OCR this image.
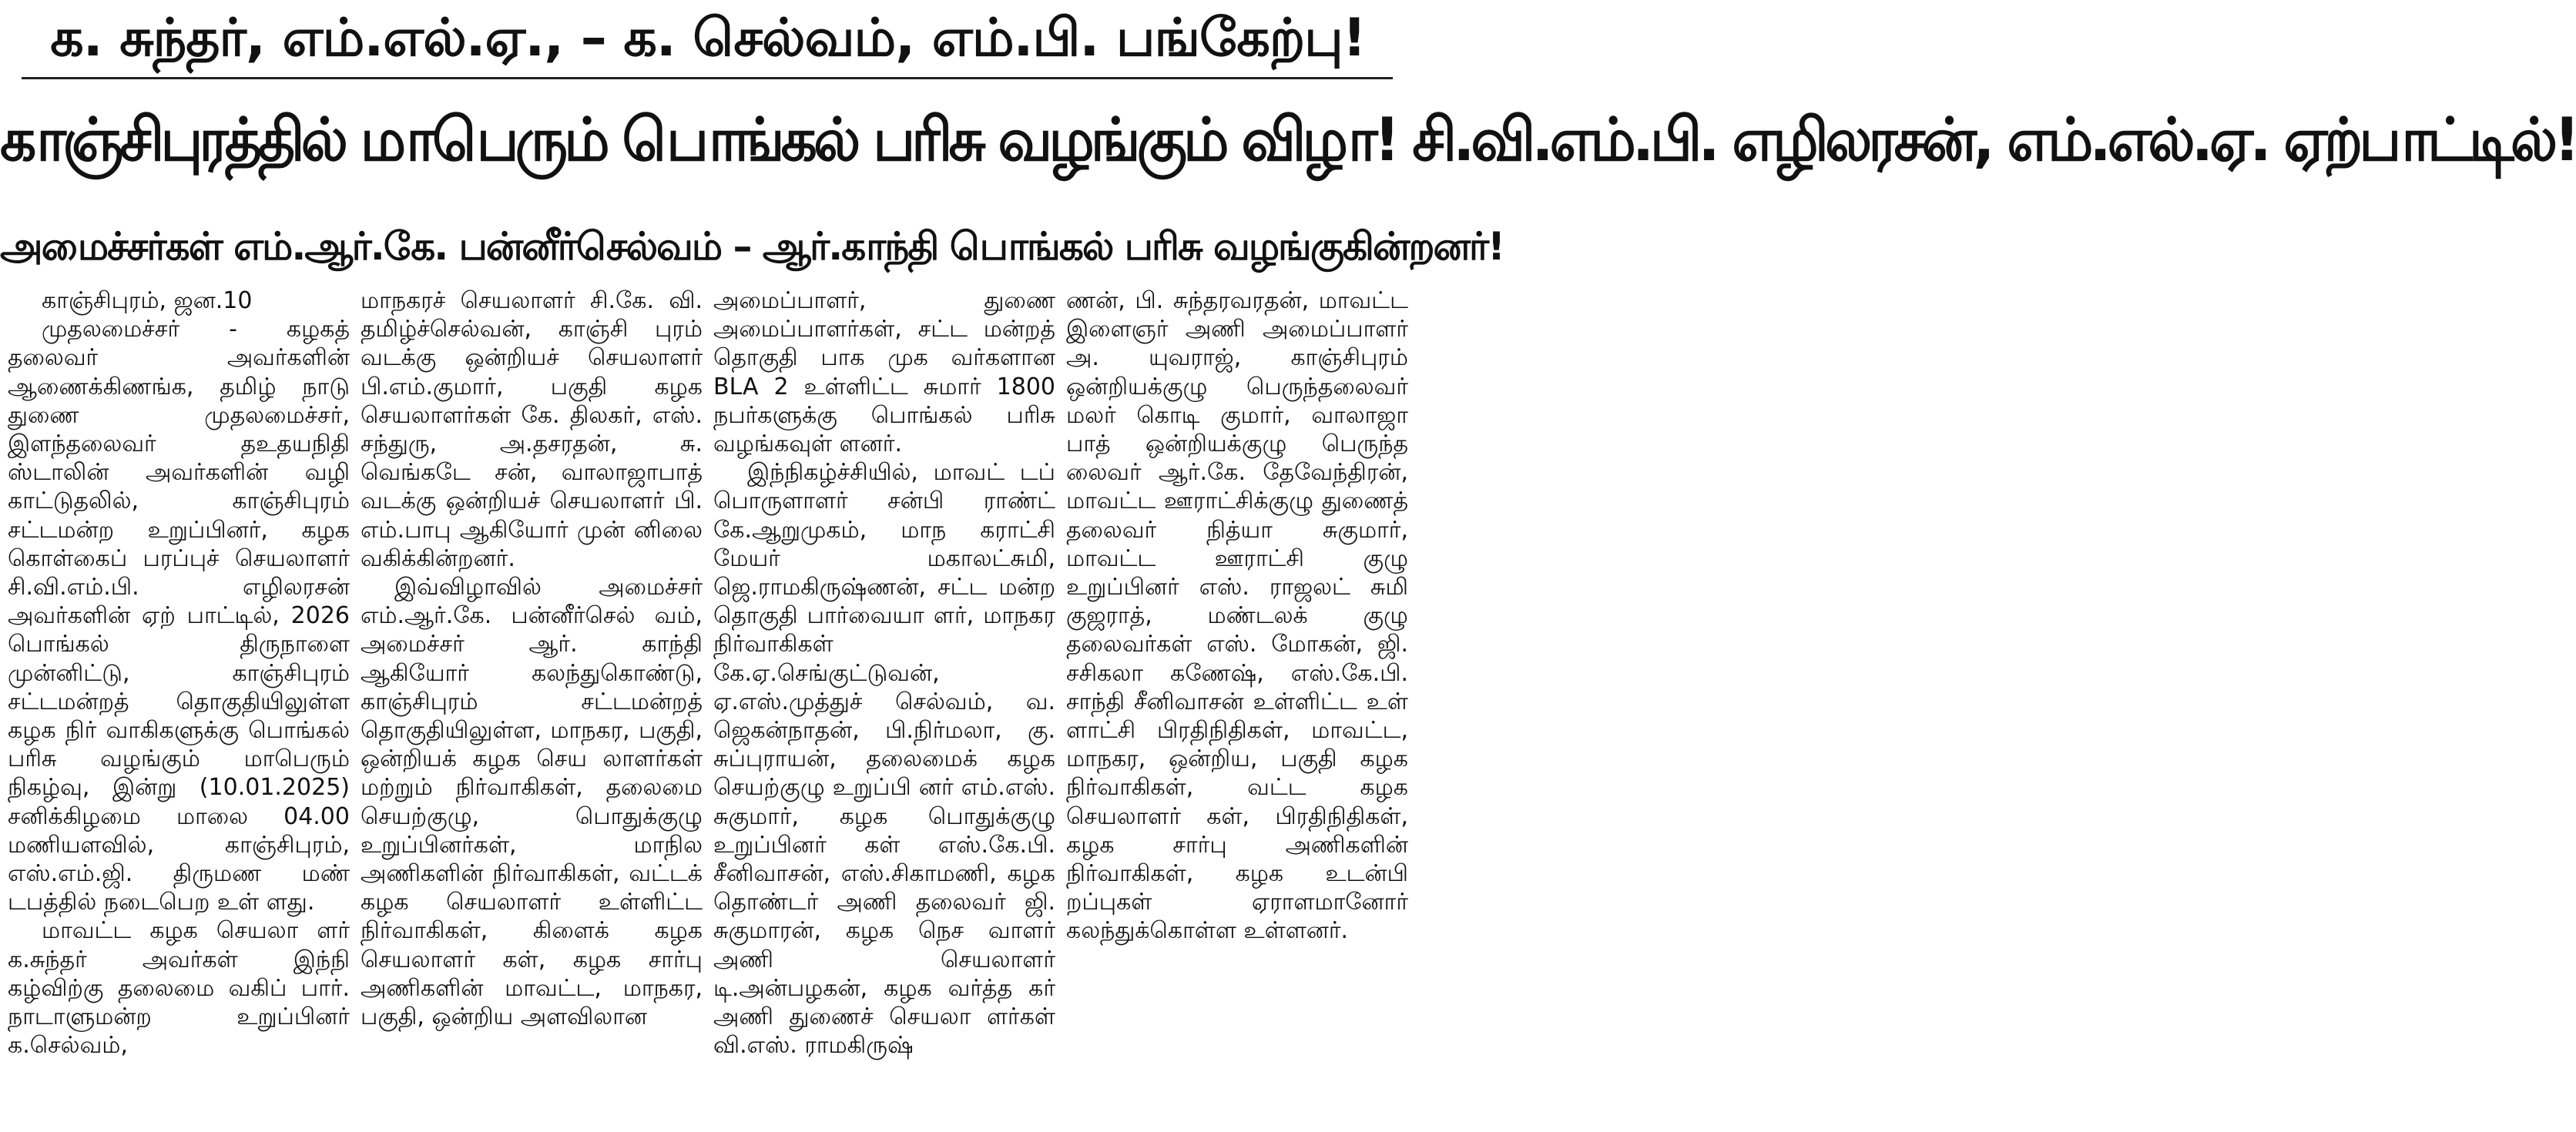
க. சுந்தர், எம்.எல்.ஏ., – க. செல்வம், எம்.பி. பங்கேற்பு!
காஞ்சிபுரத்தில் மாபெரும் பொங்கல் பரிசு வழங்கும் விழா! சி.வி.எம்.பி. எழிலரசன், எம்.எல்.ஏ. ஏற்பாட்டில்!
அமைச்சர்கள் எம்.ஆர்.கே. பன்னீர்செல்வம் – ஆர்.காந்தி பொங்கல் பரிசு வழங்குகின்றனர்!

காஞ்சிபுரம், ஜன.10

முதலமைச்சர் - கழகத் தலைவர் அவர்களின் ஆணைக்கிணங்க, தமிழ் நாடு துணை முதலமைச்சர், இளந்தலைவர் தஉதயநிதி ஸ்டாலின் அவர்களின் வழி காட்டுதலில், காஞ்சிபுரம் சட்டமன்ற உறுப்பினர், கழக கொள்கைப் பரப்புச் செயலாளர் சி.வி.எம்.பி. எழிலரசன் அவர்களின் ஏற் பாட்டில், 2026 பொங்கல் திருநாளை முன்னிட்டு, காஞ்சிபுரம் சட்டமன்றத் தொகுதியிலுள்ள கழக நிர் வாகிகளுக்கு பொங்கல் பரிசு வழங்கும் மாபெரும் நிகழ்வு, இன்று (10.01.2025) சனிக்கிழமை மாலை 04.00 மணியளவில், காஞ்சிபுரம், எஸ்.எம்.ஜி. திருமண மண் டபத்தில் நடைபெற உள் ளது.

மாவட்ட கழக செயலா ளர் க.சுந்தர் அவர்கள் இந்நி கழ்விற்கு தலைமை வகிப் பார். நாடாளுமன்ற உறுப்பினர் க.செல்வம்,

மாநகரச் செயலாளர் சி.கே. வி. தமிழ்ச்செல்வன், காஞ்சி புரம் வடக்கு ஒன்றியச் செயலாளர் பி.எம்.குமார், பகுதி கழக செயலாளர்கள் கே. திலகர், எஸ். சந்துரு, அ.தசரதன், சு. வெங்கடே சன், வாலாஜாபாத் வடக்கு ஒன்றியச் செயலாளர் பி. எம்.பாபு ஆகியோர் முன் னிலை வகிக்கின்றனர்.

இவ்விழாவில் அமைச்சர் எம்.ஆர்.கே. பன்னீர்செல் வம், அமைச்சர் ஆர். காந்தி ஆகியோர் கலந்துகொண்டு, காஞ்சிபுரம் சட்டமன்றத் தொகுதியிலுள்ள, மாநகர, பகுதி, ஒன்றியக் கழக செய லாளர்கள் மற்றும் நிர்வாகிகள், தலைமை செயற்குழு, பொதுக்குழு உறுப்பினர்கள், மாநில அணிகளின் நிர்வாகிகள், வட்டக் கழக செயலாளர் உள்ளிட்ட நிர்வாகிகள், கிளைக் கழக செயலாளர் கள், கழக சார்பு அணிகளின் மாவட்ட, மாநகர, பகுதி, ஒன்றிய அளவிலான

அமைப்பாளர், துணை அமைப்பாளர்கள், சட்ட மன்றத் தொகுதி பாக முக வர்களான BLA 2 உள்ளிட்ட சுமார் 1800 நபர்களுக்கு பொங்கல் பரிசு வழங்கவுள் ளனர்.

இந்நிகழ்ச்சியில், மாவட் டப் பொருளாளர் சன்பி ராண்ட் கே.ஆறுமுகம், மாந கராட்சி மேயர் மகாலட்சுமி, ஜெ.ராமகிருஷ்ணன், சட்ட மன்ற தொகுதி பார்வையா ளர், மாநகர நிர்வாகிகள் கே.ஏ.செங்குட்டுவன், ஏ.எஸ்.முத்துச் செல்வம், வ. ஜெகன்நாதன், பி.நிர்மலா, கு. சுப்புராயன், தலைமைக் கழக செயற்குழு உறுப்பி னர் எம்.எஸ். சுகுமார், கழக பொதுக்குழு உறுப்பினர் கள் எஸ்.கே.பி. சீனிவாசன், எஸ்.சிகாமணி, கழக தொண்டர் அணி தலைவர் ஜி. சுகுமாரன், கழக நெச வாளர் அணி செயலாளர் டி.அன்பழகன், கழக வர்த்த கர் அணி துணைச் செயலா ளர்கள் வி.எஸ். ராமகிருஷ்

ணன், பி. சுந்தரவரதன், மாவட்ட இளைஞர் அணி அமைப்பாளர் அ. யுவராஜ், காஞ்சிபுரம் ஒன்றியக்குழு பெருந்தலைவர் மலர் கொடி குமார், வாலாஜா பாத் ஒன்றியக்குழு பெருந்த லைவர் ஆர்.கே. தேவேந்திரன், மாவட்ட ஊராட்சிக்குழு துணைத் தலைவர் நித்யா சுகுமார், மாவட்ட ஊராட்சி குழு உறுப்பினர் எஸ். ராஜலட் சுமி குஜராத், மண்டலக் குழு தலைவர்கள் எஸ். மோகன், ஜி. சசிகலா கணேஷ், எஸ்.கே.பி. சாந்தி சீனிவாசன் உள்ளிட்ட உள் ளாட்சி பிரதிநிதிகள், மாவட்ட, மாநகர, ஒன்றிய, பகுதி கழக நிர்வாகிகள், வட்ட கழக செயலாளர் கள், பிரதிநிதிகள், கழக சார்பு அணிகளின் நிர்வாகிகள், கழக உடன்பி றப்புகள் ஏராளமானோர் கலந்துக்கொள்ள உள்ளனர்.
